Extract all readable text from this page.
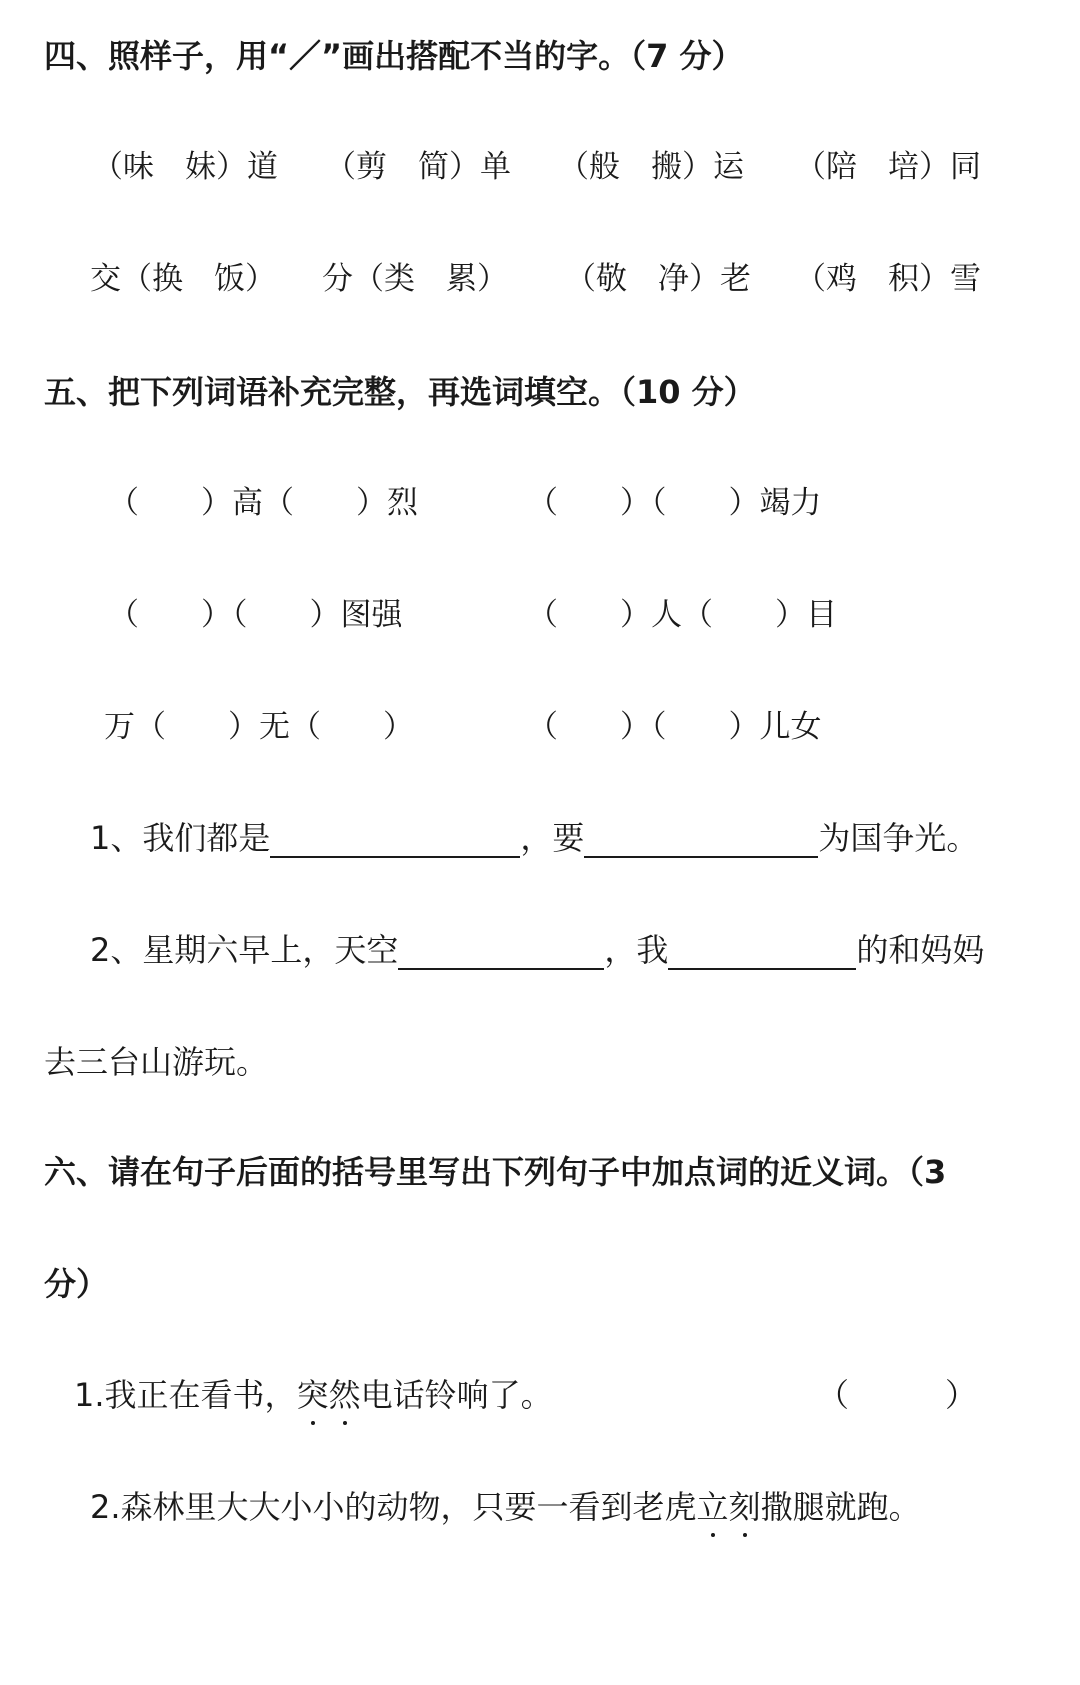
四、照样子，用“／”画出搭配不当的字。（7 分）
（味　妹）道 （剪　简）单 （般　搬）运 （陪　培）同
交（换　饭） 分（类　累） （敬　净）老 （鸡　积）雪
五、把下列词语补充完整，再选词填空。（10 分）
（　　）高（　　）烈	（　　）（　　）竭力
（　　）（　　）图强	（　　）人（　　）目
万（　　）无（　　）	（　　）（　　）儿女
1、我们都是	，要	为国争光。
2、星期六早上，天空	，我	的和妈妈
去三台山游玩。
六、请在句子后面的括号里写出下列句子中加点词的近义词。（3
分）
1.我正在看书，突然电话铃响了。	（　　　）
2.森林里大大小小的动物，只要一看到老虎立刻撒腿就跑。
